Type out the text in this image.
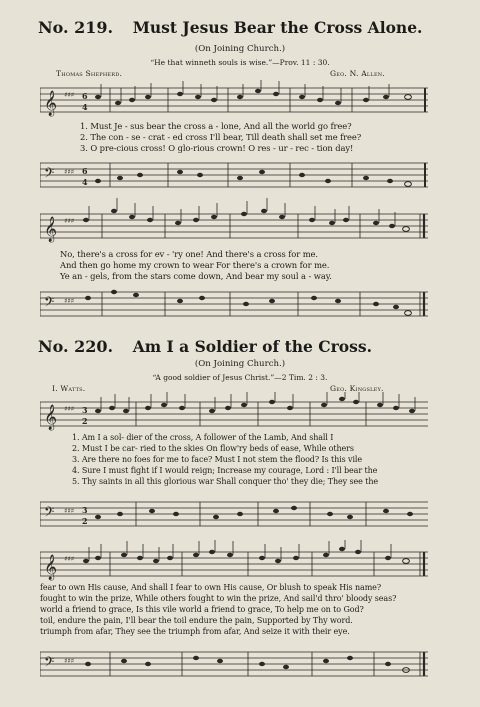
No. 219. Must Jesus Bear the Cross Alone.
(On Joining Church.)
“He that winneth souls is wise.”—Prov. 11 : 30.
Thomas Shepherd.	Geo. N. Allen.
𝄞 ♯♯♯ 6
4
1. Must Je - sus bear the cross a - lone, And all the world go free?
2. The con - se - crat - ed cross I'll bear, Till death shall set me free?
3. O pre-cious cross! O glo-rious crown! O res - ur - rec - tion day!
𝄢 ♯♯♯ 6
4
𝄞 ♯♯♯
No, there's a cross for ev - 'ry one! And there's a cross for me.
And then go home my crown to wear For there's a crown for me.
Ye an - gels, from the stars come down, And bear my soul a - way.
𝄢 ♯♯♯
No. 220. Am I a Soldier of the Cross.
(On Joining Church.)
“A good soldier of Jesus Christ.”—2 Tim. 2 : 3.
I. Watts.	Geo. Kingsley.
𝄞 ♯♯♯ 3
2
1. Am I a sol- dier of the cross, A follower of the Lamb, And shall I
2. Must I be car- ried to the skies On flow'ry beds of ease, While others
3. Are there no foes for me to face? Must I not stem the flood? Is this vile
4. Sure I must fight if I would reign; Increase my courage, Lord : I'll bear the
5. Thy saints in all this glorious war Shall conquer tho' they die; They see the
𝄢 ♯♯♯ 3
2
𝄞 ♯♯♯
fear to own His cause, And shall I fear to own His cause, Or blush to speak His name?
fought to win the prize, While others fought to win the prize, And sail'd thro' bloody seas?
world a friend to grace, Is this vile world a friend to grace, To help me on to God?
toil, endure the pain, I'll bear the toil endure the pain, Supported by Thy word.
triumph from afar, They see the triumph from afar, And seize it with their eye.
𝄢 ♯♯♯
